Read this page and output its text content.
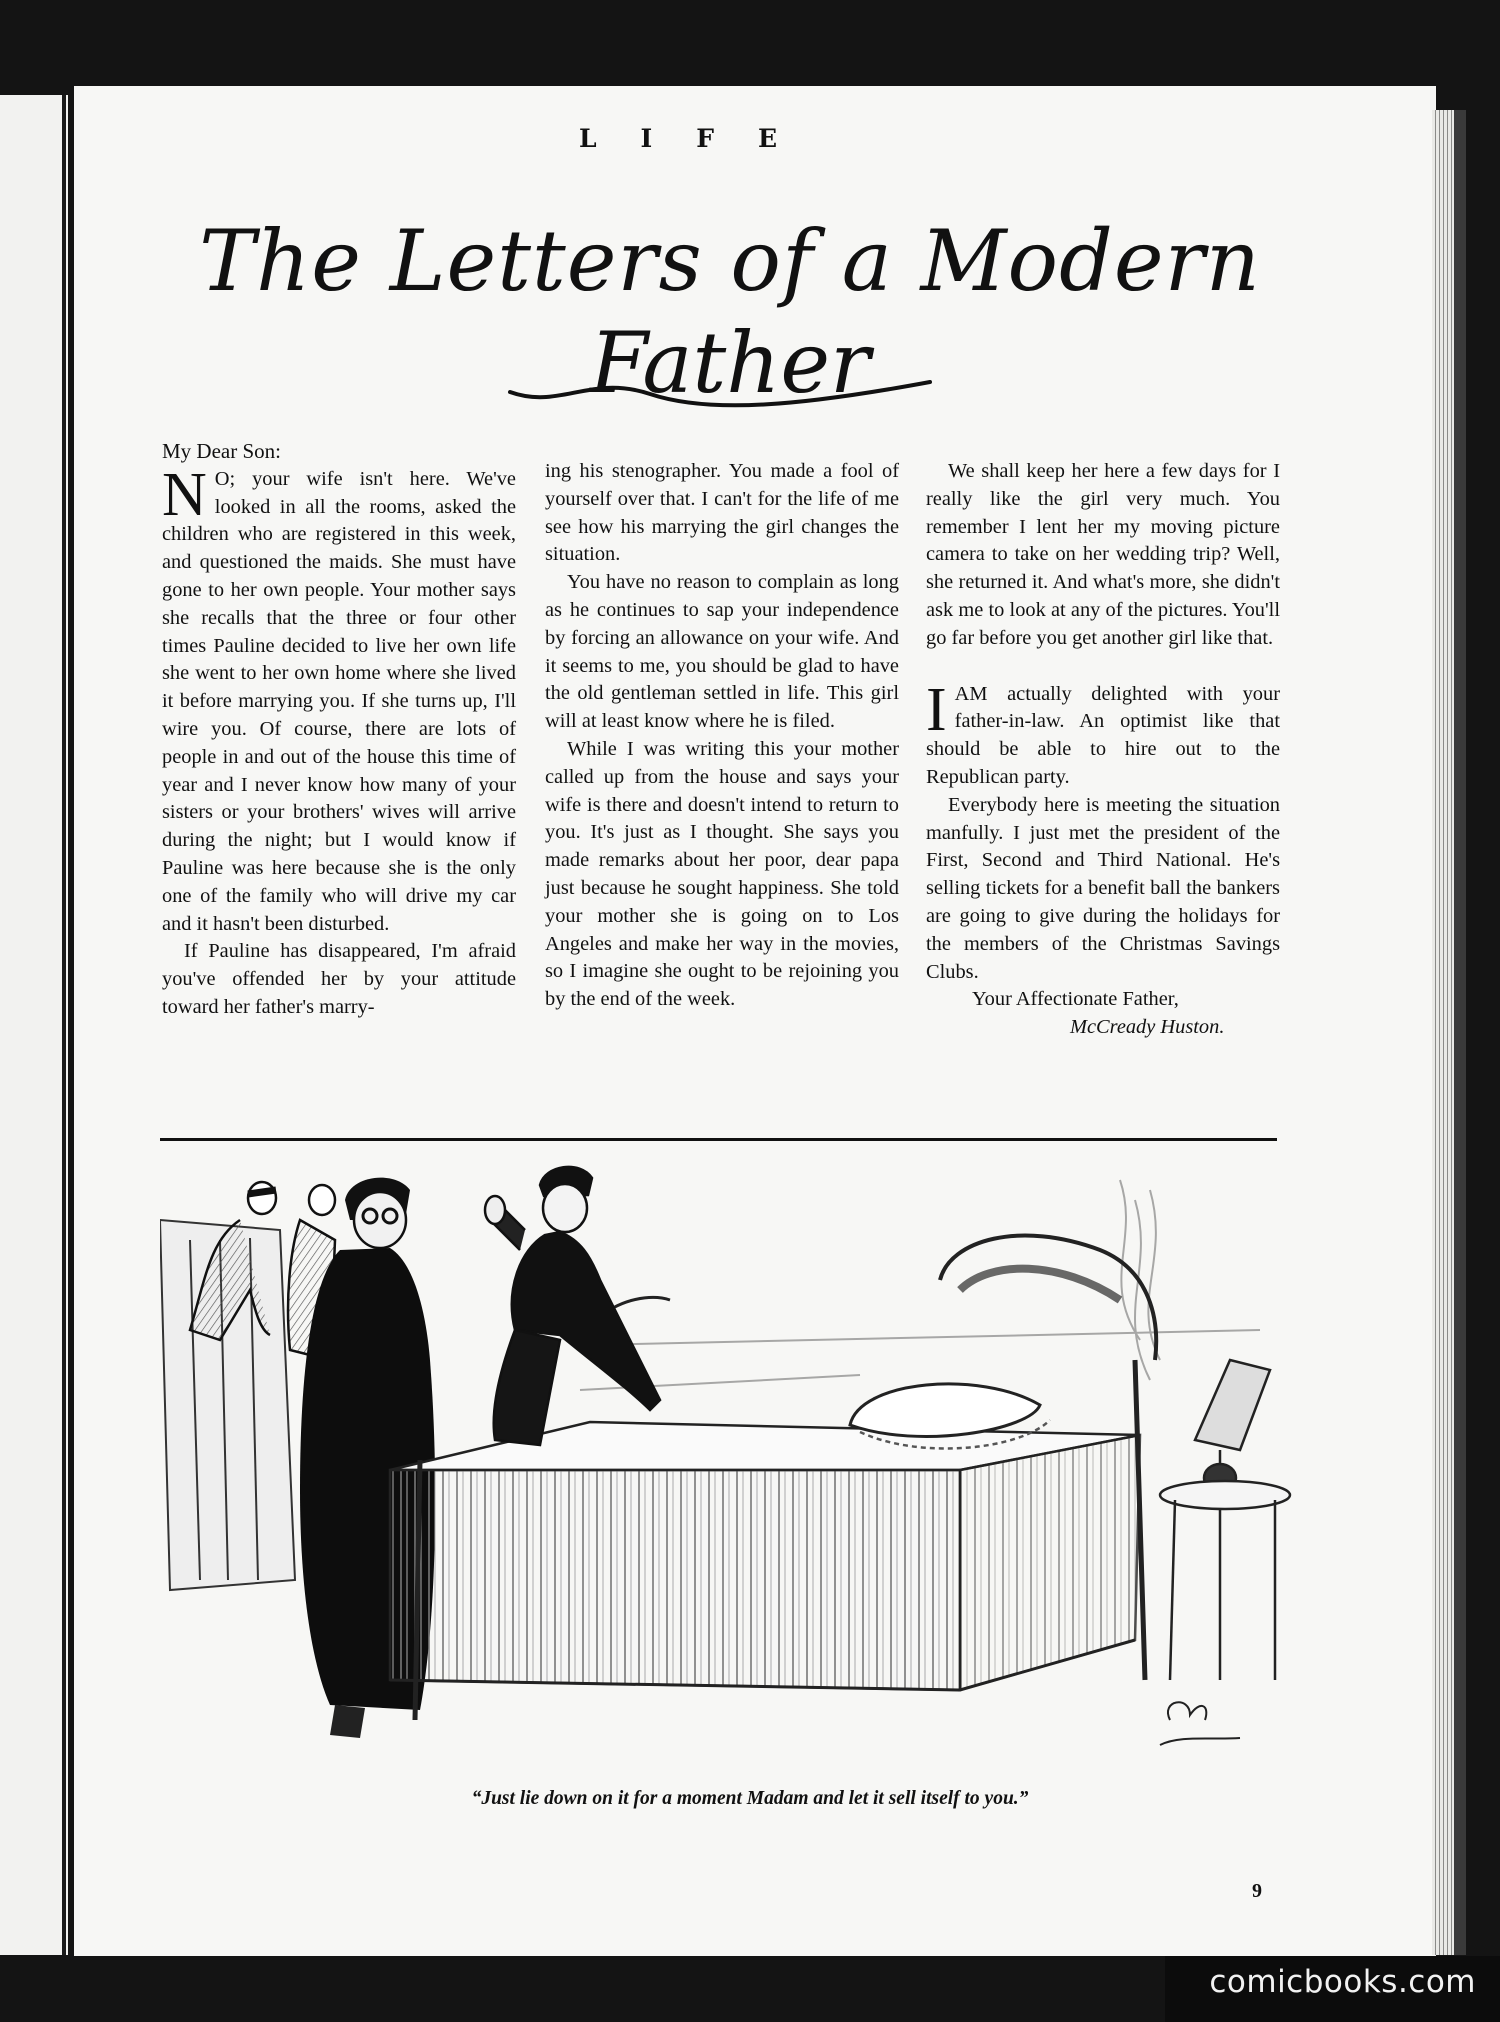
LIFE
The Letters of a Modern
Father

My Dear Son:

N O; your wife isn't here. We've looked in all the rooms, asked the children who are registered in this week, and questioned the maids. She must have gone to her own people. Your mother says she recalls that the three or four other times Pauline decided to live her own life she went to her own home where she lived it before marrying you. If she turns up, I'll wire you. Of course, there are lots of people in and out of the house this time of year and I never know how many of your sisters or your brothers' wives will arrive during the night; but I would know if Pauline was here because she is the only one of the family who will drive my car and it hasn't been disturbed.

If Pauline has disappeared, I'm afraid you've offended her by your attitude toward her father's marry-

ing his stenographer. You made a fool of yourself over that. I can't for the life of me see how his marrying the girl changes the situation.

You have no reason to complain as long as he continues to sap your independence by forcing an allowance on your wife. And it seems to me, you should be glad to have the old gentleman settled in life. This girl will at least know where he is filed.

While I was writing this your mother called up from the house and says your wife is there and doesn't intend to return to you. It's just as I thought. She says you made remarks about her poor, dear papa just because he sought happiness. She told your mother she is going on to Los Angeles and make her way in the movies, so I imagine she ought to be rejoining you by the end of the week.

We shall keep her here a few days for I really like the girl very much. You remember I lent her my moving picture camera to take on her wedding trip? Well, she returned it. And what's more, she didn't ask me to look at any of the pictures. You'll go far before you get another girl like that.

IAM actually delighted with your father-in-law. An optimist like that should be able to hire out to the Republican party.

Everybody here is meeting the situation manfully. I just met the president of the First, Second and Third National. He's selling tickets for a benefit ball the bankers are going to give during the holidays for the members of the Christmas Savings Clubs.

Your Affectionate Father,

McCready Huston.

“Just lie down on it for a moment Madam and let it sell itself to you.”
9
comicbooks.com
